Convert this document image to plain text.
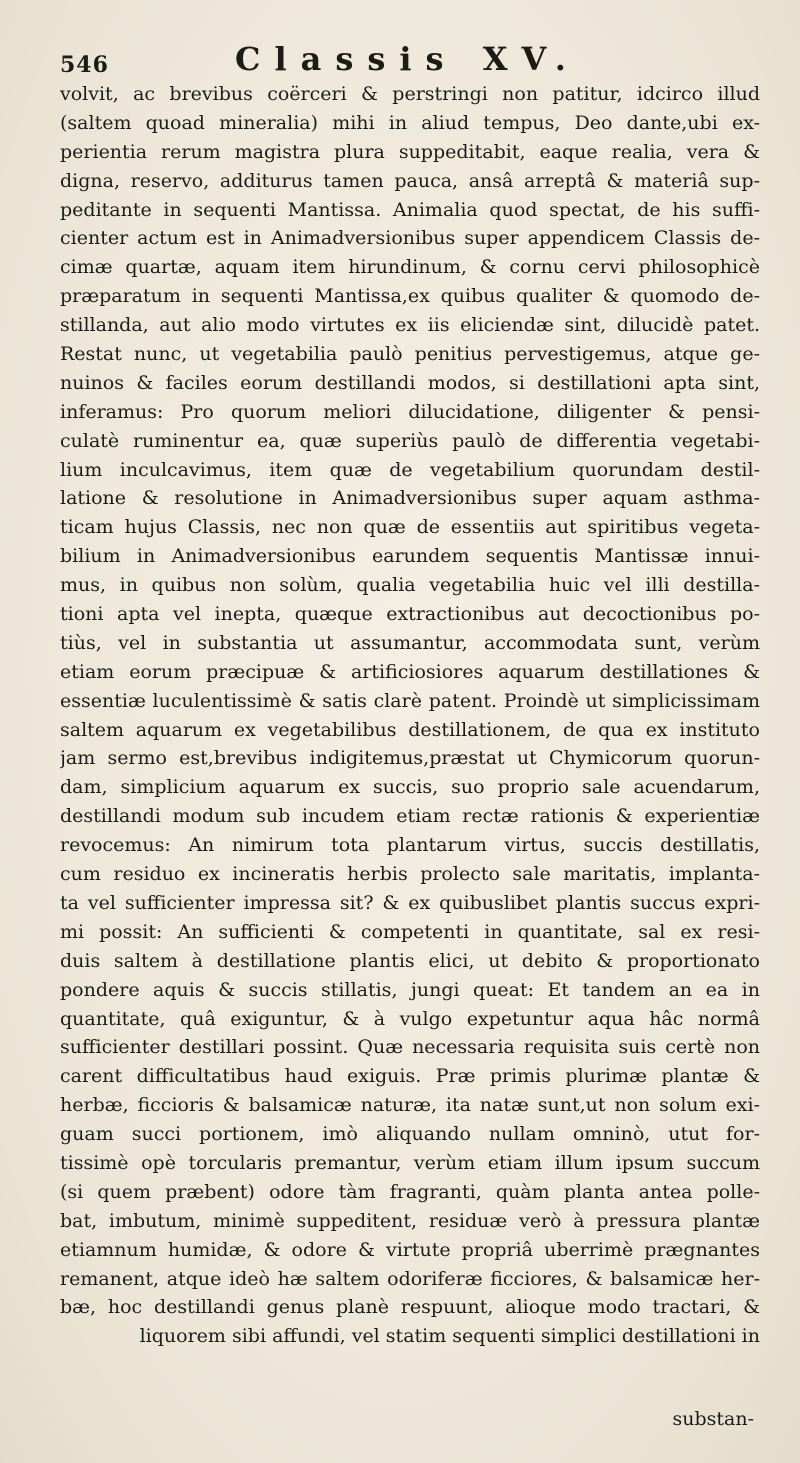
546	Classis XV.
volvit, ac brevibus coërceri & perstringi non patitur, idcirco illud
(saltem quoad mineralia) mihi in aliud tempus, Deo dante,ubi ex-
perientia rerum magistra plura suppeditabit, eaque realia, vera &
digna, reservo, additurus tamen pauca, ansâ arreptâ & materiâ sup-
peditante in sequenti Mantissa. Animalia quod spectat, de his suffi-
cienter actum est in Animadversionibus super appendicem Classis de-
cimæ quartæ, aquam item hirundinum, & cornu cervi philosophicè
præparatum in sequenti Mantissa,ex quibus qualiter & quomodo de-
stillanda, aut alio modo virtutes ex iis eliciendæ sint, dilucidè patet.
Restat nunc, ut vegetabilia paulò penitius pervestigemus, atque ge-
nuinos & faciles eorum destillandi modos, si destillationi apta sint,
inferamus: Pro quorum meliori dilucidatione, diligenter & pensi-
culatè ruminentur ea, quæ superiùs paulò de differentia vegetabi-
lium inculcavimus, item quæ de vegetabilium quorundam destil-
latione & resolutione in Animadversionibus super aquam asthma-
ticam hujus Classis, nec non quæ de essentiis aut spiritibus vegeta-
bilium in Animadversionibus earundem sequentis Mantissæ innui-
mus, in quibus non solùm, qualia vegetabilia huic vel illi destilla-
tioni apta vel inepta, quæque extractionibus aut decoctionibus po-
tiùs, vel in substantia ut assumantur, accommodata sunt, verùm
etiam eorum præcipuæ & artificiosiores aquarum destillationes &
essentiæ luculentissimè & satis clarè patent. Proindè ut simplicissimam
saltem aquarum ex vegetabilibus destillationem, de qua ex instituto
jam sermo est,brevibus indigitemus,præstat ut Chymicorum quorun-
dam, simplicium aquarum ex succis, suo proprio sale acuendarum,
destillandi modum sub incudem etiam rectæ rationis & experientiæ
revocemus: An nimirum tota plantarum virtus, succis destillatis,
cum residuo ex incineratis herbis prolecto sale maritatis, implanta-
ta vel sufficienter impressa sit? & ex quibuslibet plantis succus expri-
mi possit: An sufficienti & competenti in quantitate, sal ex resi-
duis saltem à destillatione plantis elici, ut debito & proportionato
pondere aquis & succis stillatis, jungi queat: Et tandem an ea in
quantitate, quâ exiguntur, & à vulgo expetuntur aqua hâc normâ
sufficienter destillari possint. Quæ necessaria requisita suis certè non
carent difficultatibus haud exiguis. Præ primis plurimæ plantæ &
herbæ, ficcioris & balsamicæ naturæ, ita natæ sunt,ut non solum exi-
guam succi portionem, imò aliquando nullam omninò, utut for-
tissimè opè torcularis premantur, verùm etiam illum ipsum succum
(si quem præbent) odore tàm fragranti, quàm planta antea polle-
bat, imbutum, minimè suppeditent, residuæ verò à pressura plantæ
etiamnum humidæ, & odore & virtute propriâ uberrimè prægnantes
remanent, atque ideò hæ saltem odoriferæ ficciores, & balsamicæ her-
bæ, hoc destillandi genus planè respuunt, alioque modo tractari, &
liquorem sibi affundi, vel statim sequenti simplici destillationi in
substan-
